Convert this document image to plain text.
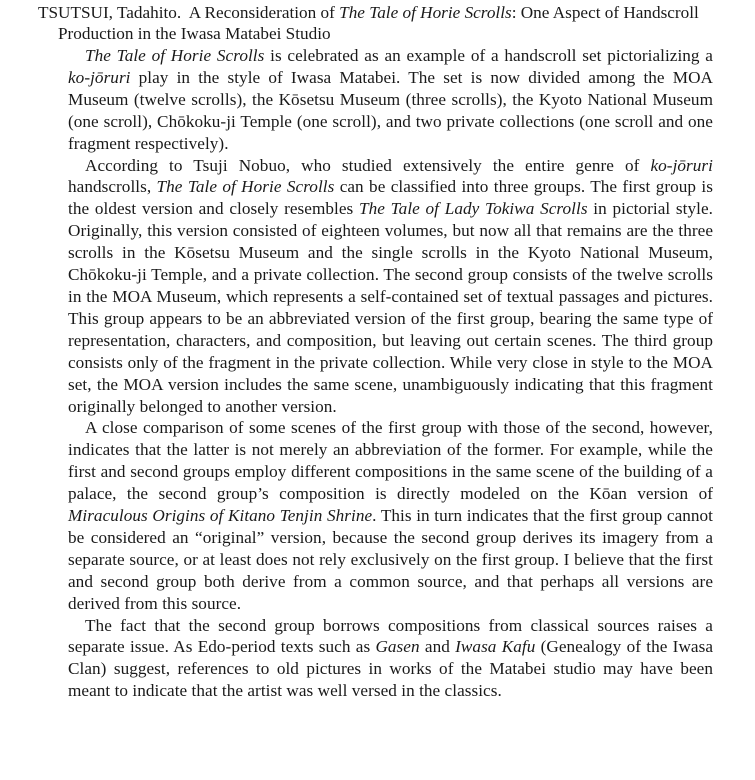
TSUTSUI, Tadahito. A Reconsideration of The Tale of Horie Scrolls: One Aspect of Handscroll Production in the Iwasa Matabei Studio

The Tale of Horie Scrolls is celebrated as an example of a handscroll set pictorializing a ko-jōruri play in the style of Iwasa Matabei. The set is now divided among the MOA Museum (twelve scrolls), the Kōsetsu Museum (three scrolls), the Kyoto National Museum (one scroll), Chōkoku-ji Temple (one scroll), and two private collections (one scroll and one fragment respectively).

According to Tsuji Nobuo, who studied extensively the entire genre of ko-jōruri handscrolls, The Tale of Horie Scrolls can be classified into three groups. The first group is the oldest version and closely resembles The Tale of Lady Tokiwa Scrolls in pictorial style. Originally, this version consisted of eighteen volumes, but now all that remains are the three scrolls in the Kōsetsu Museum and the single scrolls in the Kyoto National Museum, Chōkoku-ji Temple, and a private collection. The second group consists of the twelve scrolls in the MOA Museum, which represents a self-contained set of textual passages and pictures. This group appears to be an abbreviated version of the first group, bearing the same type of representation, characters, and composition, but leaving out certain scenes. The third group consists only of the fragment in the private collection. While very close in style to the MOA set, the MOA version includes the same scene, unambiguously indicating that this fragment originally belonged to another version.

A close comparison of some scenes of the first group with those of the second, however, indicates that the latter is not merely an abbreviation of the former. For example, while the first and second groups employ different compositions in the same scene of the building of a palace, the second group’s composition is directly modeled on the Kōan version of Miraculous Origins of Kitano Tenjin Shrine. This in turn indicates that the first group cannot be considered an “original” version, because the second group derives its imagery from a separate source, or at least does not rely exclusively on the first group. I believe that the first and second group both derive from a common source, and that perhaps all versions are derived from this source.

The fact that the second group borrows compositions from classical sources raises a separate issue. As Edo-period texts such as Gasen and Iwasa Kafu (Genealogy of the Iwasa Clan) suggest, references to old pictures in works of the Matabei studio may have been meant to indicate that the artist was well versed in the classics.
